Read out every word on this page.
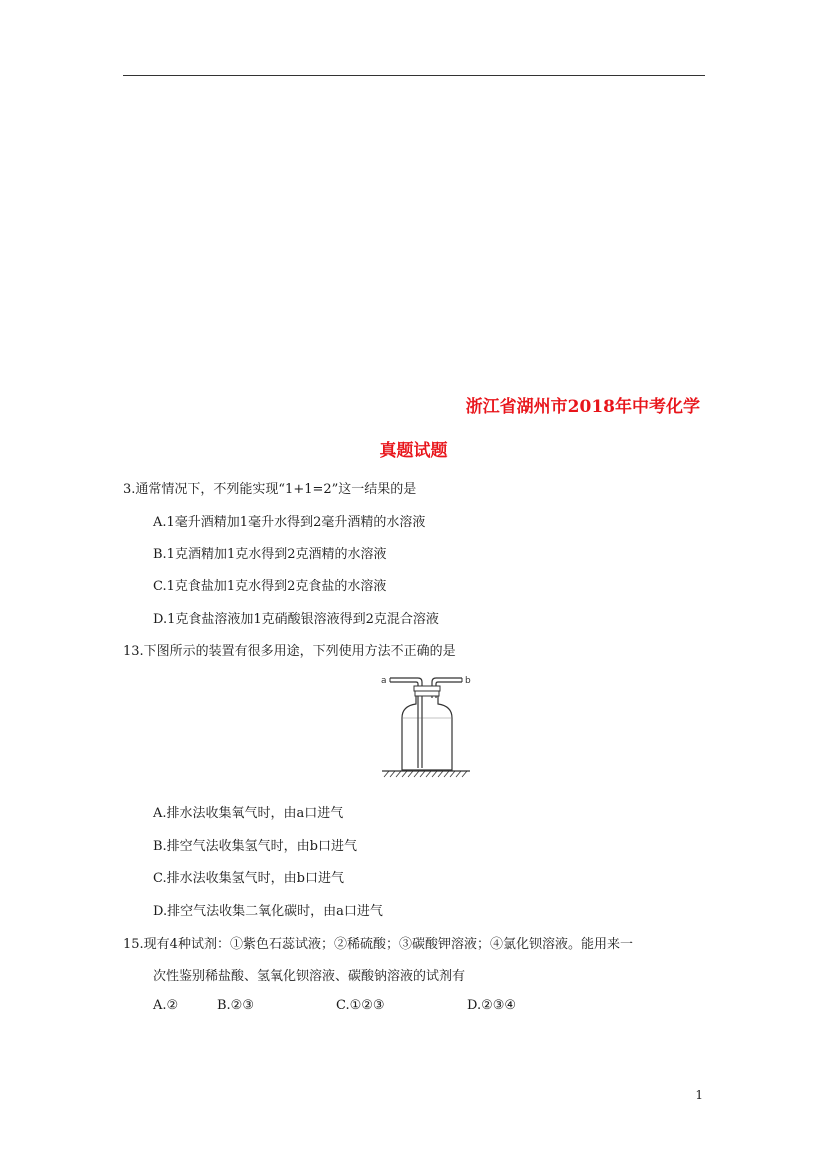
浙江省湖州市2018年中考化学
真题试题
3.通常情况下，不列能实现“1+1=2”这一结果的是
A.1毫升酒精加1毫升水得到2毫升酒精的水溶液
B.1克酒精加1克水得到2克酒精的水溶液
C.1克食盐加1克水得到2克食盐的水溶液
D.1克食盐溶液加1克硝酸银溶液得到2克混合溶液
13.下图所示的装置有很多用途，下列使用方法不正确的是
a	b
A.排水法收集氧气时，由a口进气
B.排空气法收集氢气时，由b口进气
C.排水法收集氢气时，由b口进气
D.排空气法收集二氧化碳时，由a口进气
15.现有4种试剂：①紫色石蕊试液；②稀硫酸；③碳酸钾溶液；④氯化钡溶液。能用来一
次性鉴别稀盐酸、氢氧化钡溶液、碳酸钠溶液的试剂有
A.②	B.②③	C.①②③	D.②③④
1
